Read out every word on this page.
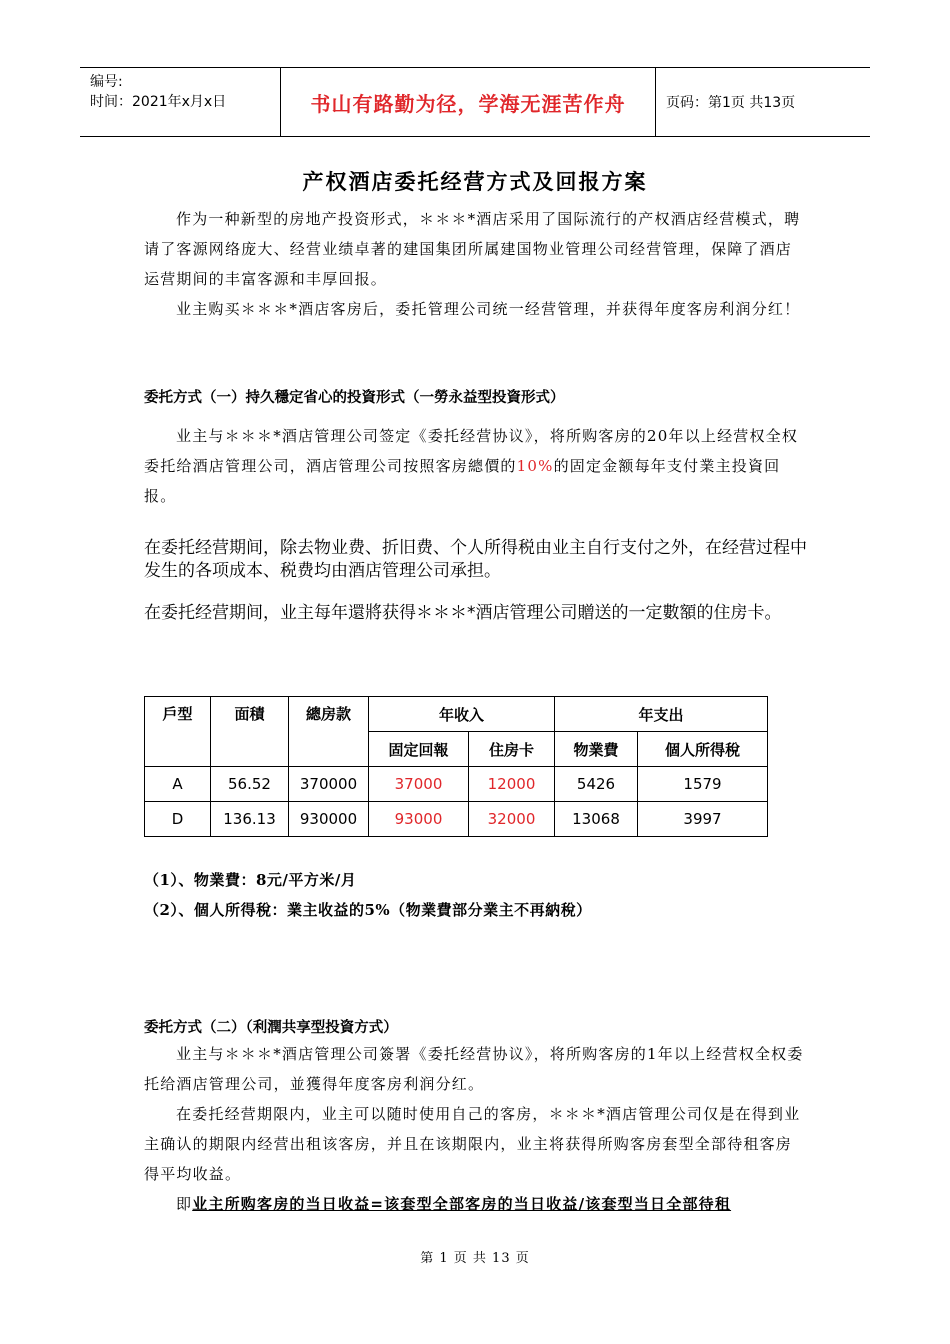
编号:
时间：2021年x月x日	书山有路勤为径，学海无涯苦作舟	页码：第1页 共13页
产权酒店委托经营方式及回报方案

作为一种新型的房地产投资形式，＊＊＊*酒店采用了国际流行的产权酒店经营模式，聘请了客源网络庞大、经营业绩卓著的建国集团所属建国物业管理公司经营管理，保障了酒店运营期间的丰富客源和丰厚回报。

业主购买＊＊＊*酒店客房后，委托管理公司统一经营管理，并获得年度客房利润分红！

委托方式（一）持久穩定省心的投資形式（一勞永益型投資形式）

业主与＊＊＊*酒店管理公司签定《委托经营协议》，将所购客房的20年以上经营权全权委托给酒店管理公司，酒店管理公司按照客房總價的10%的固定金额每年支付業主投資回报。

在委托经营期间，除去物业费、折旧费、个人所得税由业主自行支付之外，在经营过程中发生的各项成本、税费均由酒店管理公司承担。

在委托经营期间，业主每年還將获得＊＊＊*酒店管理公司贈送的一定數額的住房卡。

戶型	面積	總房款	年收入		年支出	
			固定回報	住房卡	物業費	個人所得稅
A	56.52	370000	37000	12000	5426	1579
D	136.13	930000	93000	32000	13068	3997

（1）、物業費：8元/平方米/月

（2）、個人所得稅：業主收益的5%（物業費部分業主不再納稅）

委托方式（二）（利潤共享型投資方式）

业主与＊＊＊*酒店管理公司簽署《委托经营协议》，将所购客房的1年以上经营权全权委托给酒店管理公司，並獲得年度客房利润分红。

在委托经营期限内，业主可以随时使用自己的客房，＊＊＊*酒店管理公司仅是在得到业主确认的期限内经营出租该客房，并且在该期限内，业主将获得所购客房套型全部待租客房得平均收益。

即业主所购客房的当日收益=该套型全部客房的当日收益/该套型当日全部待租

第 1 页 共 13 页
